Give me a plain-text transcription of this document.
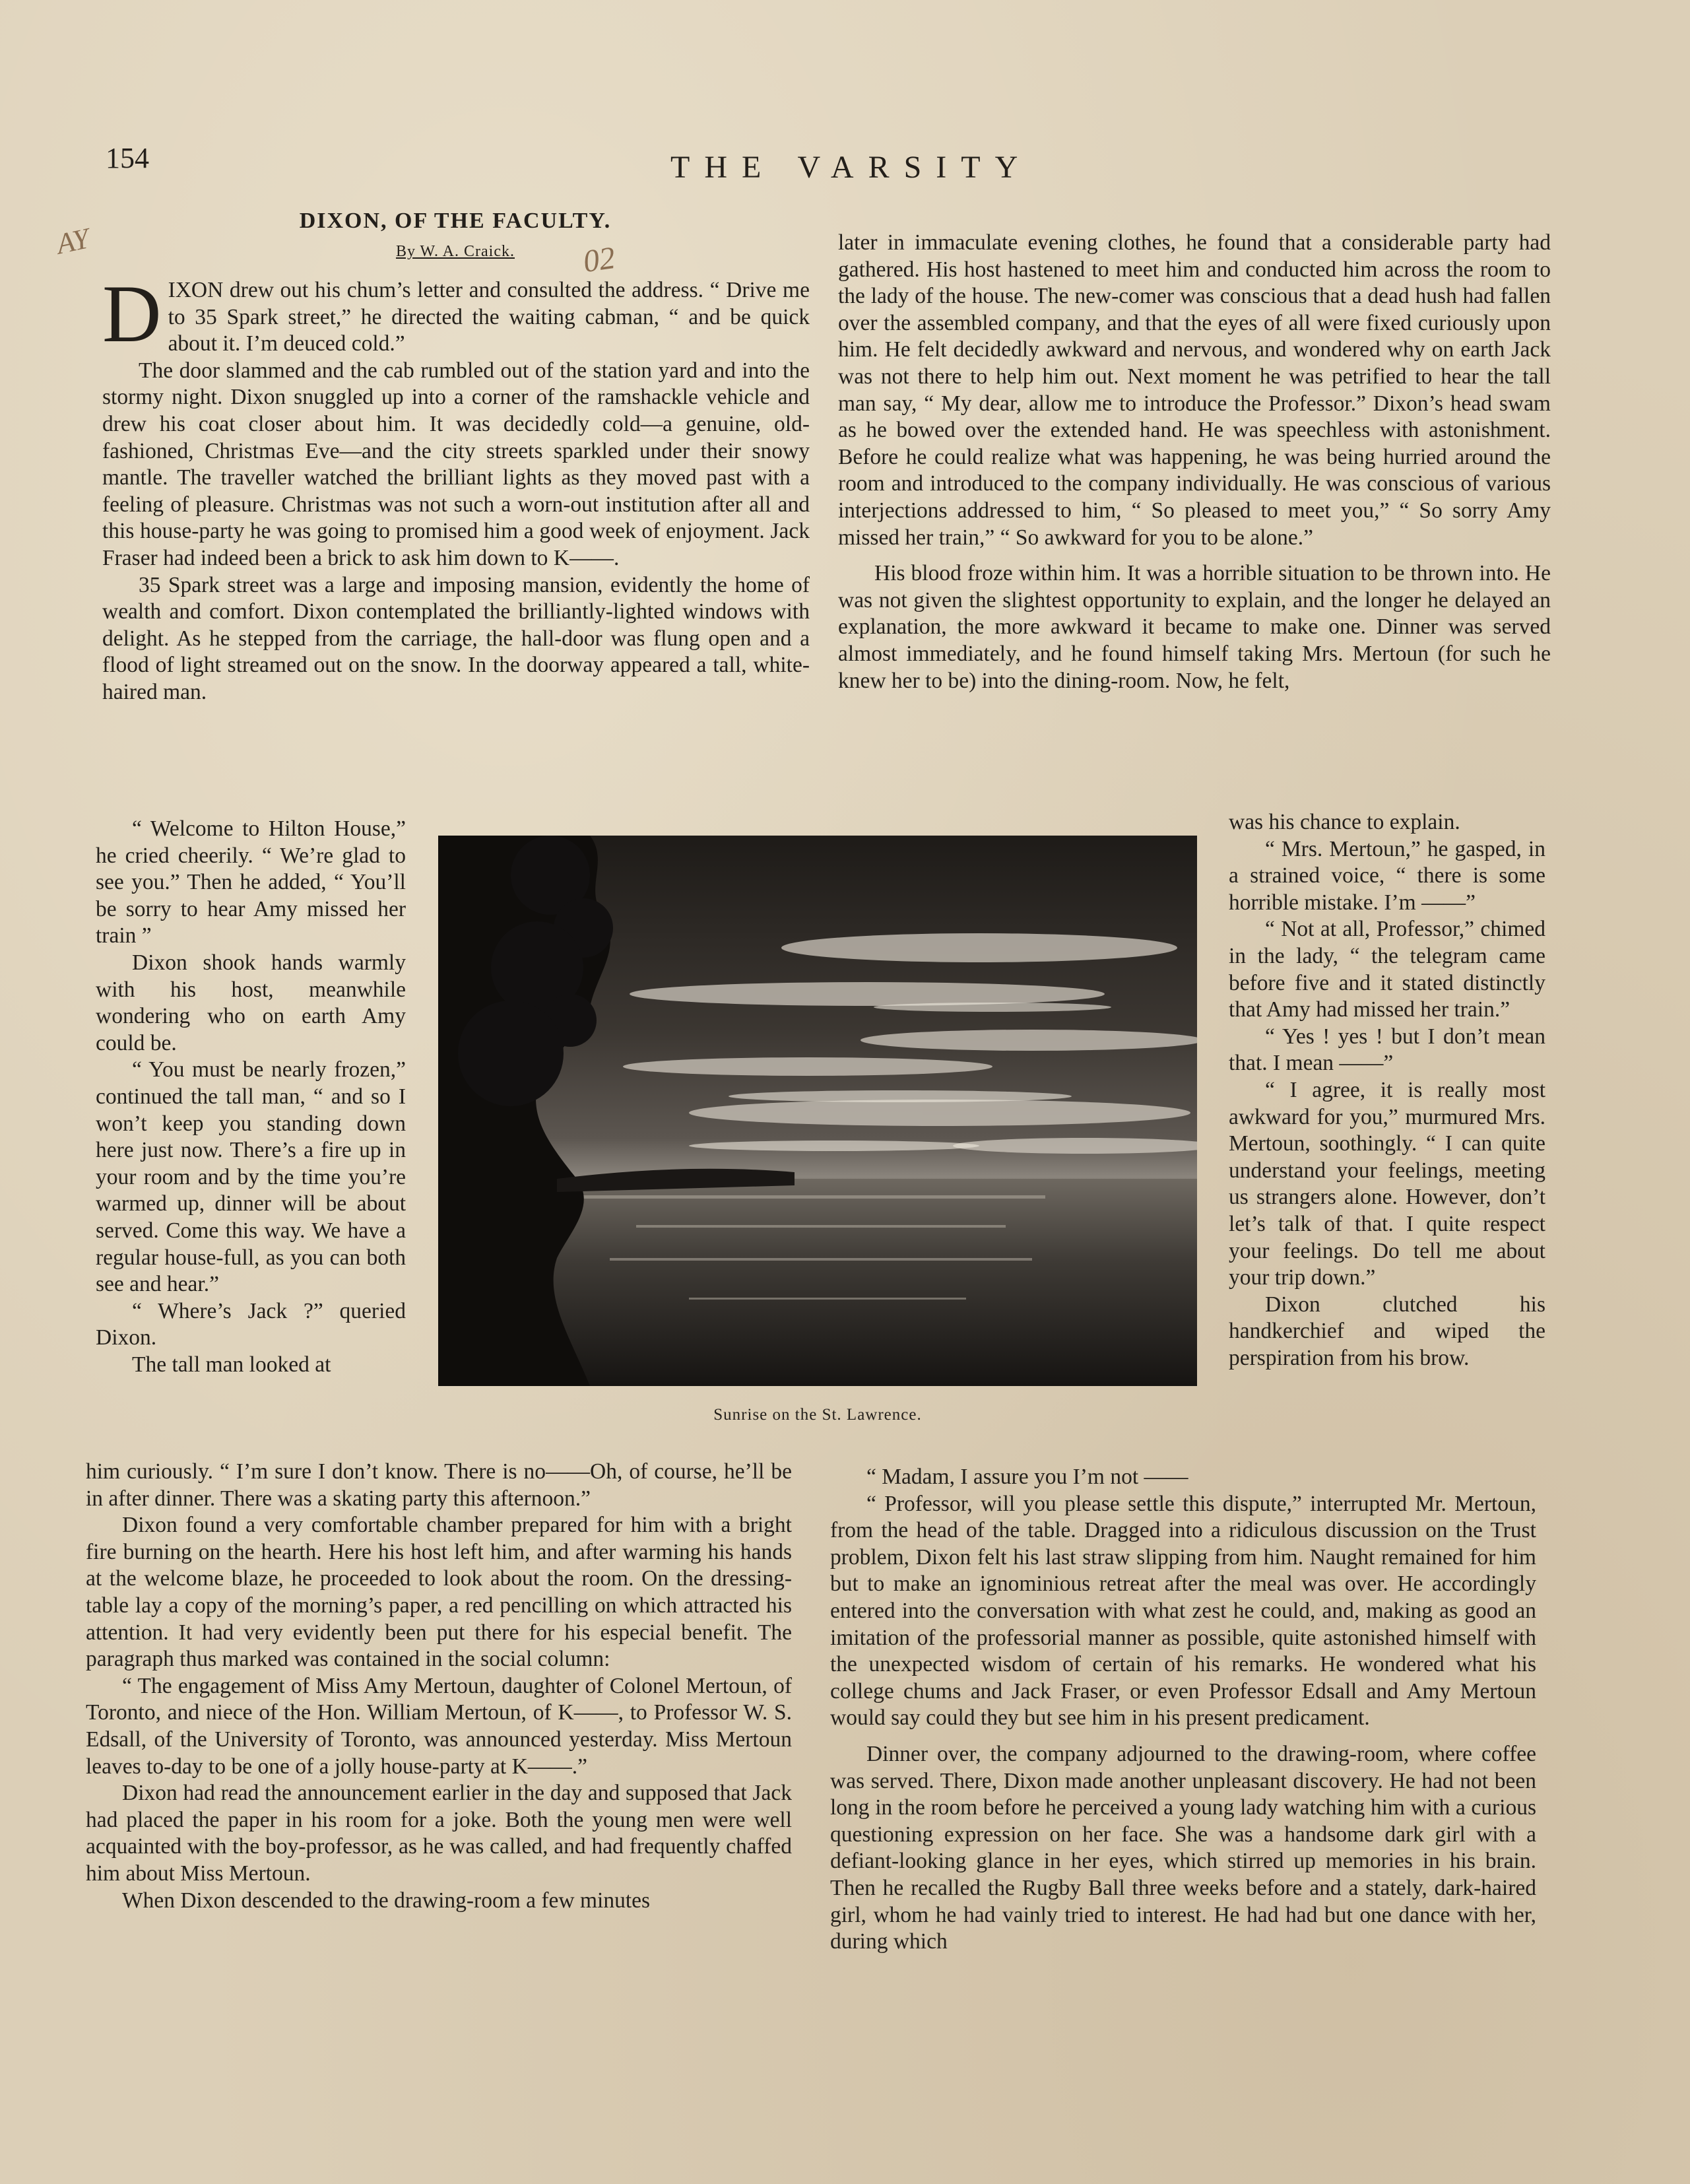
154	THE VARSITY
AY	02
DIXON, OF THE FACULTY.
By W. A. Craick.

DIXON drew out his chum’s letter and consulted the address. “ Drive me to 35 Spark street,” he directed the waiting cabman, “ and be quick about it. I’m deuced cold.”

The door slammed and the cab rumbled out of the station yard and into the stormy night. Dixon snuggled up into a corner of the ramshackle vehicle and drew his coat closer about him. It was decidedly cold—a genuine, old-fashioned, Christmas Eve—and the city streets sparkled under their snowy mantle. The traveller watched the brilliant lights as they moved past with a feeling of pleasure. Christmas was not such a worn-out institution after all and this house-party he was going to promised him a good week of enjoyment. Jack Fraser had indeed been a brick to ask him down to K——.

35 Spark street was a large and imposing mansion, evidently the home of wealth and comfort. Dixon contemplated the brilliantly-lighted windows with delight. As he stepped from the carriage, the hall-door was flung open and a flood of light streamed out on the snow. In the doorway appeared a tall, white-haired man.

“ Welcome to Hilton House,” he cried cheerily. “ We’re glad to see you.” Then he added, “ You’ll be sorry to hear Amy missed her train ”

Dixon shook hands warmly with his host, meanwhile wondering who on earth Amy could be.

“ You must be nearly frozen,” continued the tall man, “ and so I won’t keep you standing down here just now. There’s a fire up in your room and by the time you’re warmed up, dinner will be about served. Come this way. We have a regular house-full, as you can both see and hear.”

“ Where’s Jack ?” queried Dixon.

The tall man looked at

him curiously. “ I’m sure I don’t know. There is no——Oh, of course, he’ll be in after dinner. There was a skating party this afternoon.”

Dixon found a very comfortable chamber prepared for him with a bright fire burning on the hearth. Here his host left him, and after warming his hands at the welcome blaze, he proceeded to look about the room. On the dressing-table lay a copy of the morning’s paper, a red pencilling on which attracted his attention. It had very evidently been put there for his especial benefit. The paragraph thus marked was contained in the social column:

“ The engagement of Miss Amy Mertoun, daughter of Colonel Mertoun, of Toronto, and niece of the Hon. William Mertoun, of K——, to Professor W. S. Edsall, of the University of Toronto, was announced yesterday. Miss Mertoun leaves to-day to be one of a jolly house-party at K——.”

Dixon had read the announcement earlier in the day and supposed that Jack had placed the paper in his room for a joke. Both the young men were well acquainted with the boy-professor, as he was called, and had frequently chaffed him about Miss Mertoun.

When Dixon descended to the drawing-room a few minutes

later in immaculate evening clothes, he found that a considerable party had gathered. His host hastened to meet him and conducted him across the room to the lady of the house. The new-comer was conscious that a dead hush had fallen over the assembled company, and that the eyes of all were fixed curiously upon him. He felt decidedly awkward and nervous, and wondered why on earth Jack was not there to help him out. Next moment he was petrified to hear the tall man say, “ My dear, allow me to introduce the Professor.” Dixon’s head swam as he bowed over the extended hand. He was speechless with astonishment. Before he could realize what was happening, he was being hurried around the room and introduced to the company individually. He was conscious of various interjections addressed to him, “ So pleased to meet you,” “ So sorry Amy missed her train,” “ So awkward for you to be alone.”

His blood froze within him. It was a horrible situation to be thrown into. He was not given the slightest opportunity to explain, and the longer he delayed an explanation, the more awkward it became to make one. Dinner was served almost immediately, and he found himself taking Mrs. Mertoun (for such he knew her to be) into the dining-room. Now, he felt,

was his chance to explain.

“ Mrs. Mertoun,” he gasped, in a strained voice, “ there is some horrible mistake. I’m ——”

“ Not at all, Professor,” chimed in the lady, “ the telegram came before five and it stated distinctly that Amy had missed her train.”

“ Yes ! yes ! but I don’t mean that. I mean ——”

“ I agree, it is really most awkward for you,” murmured Mrs. Mertoun, soothingly. “ I can quite understand your feelings, meeting us strangers alone. However, don’t let’s talk of that. I quite respect your feelings. Do tell me about your trip down.”

Dixon clutched his handkerchief and wiped the perspiration from his brow.

“ Madam, I assure you I’m not ——

“ Professor, will you please settle this dispute,” interrupted Mr. Mertoun, from the head of the table. Dragged into a ridiculous discussion on the Trust problem, Dixon felt his last straw slipping from him. Naught remained for him but to make an ignominious retreat after the meal was over. He accordingly entered into the conversation with what zest he could, and, making as good an imitation of the professorial manner as possible, quite astonished himself with the unexpected wisdom of certain of his remarks. He wondered what his college chums and Jack Fraser, or even Professor Edsall and Amy Mertoun would say could they but see him in his present predicament.

Dinner over, the company adjourned to the drawing-room, where coffee was served. There, Dixon made another unpleasant discovery. He had not been long in the room before he perceived a young lady watching him with a curious questioning expression on her face. She was a handsome dark girl with a defiant-looking glance in her eyes, which stirred up memories in his brain. Then he recalled the Rugby Ball three weeks before and a stately, dark-haired girl, whom he had vainly tried to interest. He had had but one dance with her, during which

Sunrise on the St. Lawrence.
